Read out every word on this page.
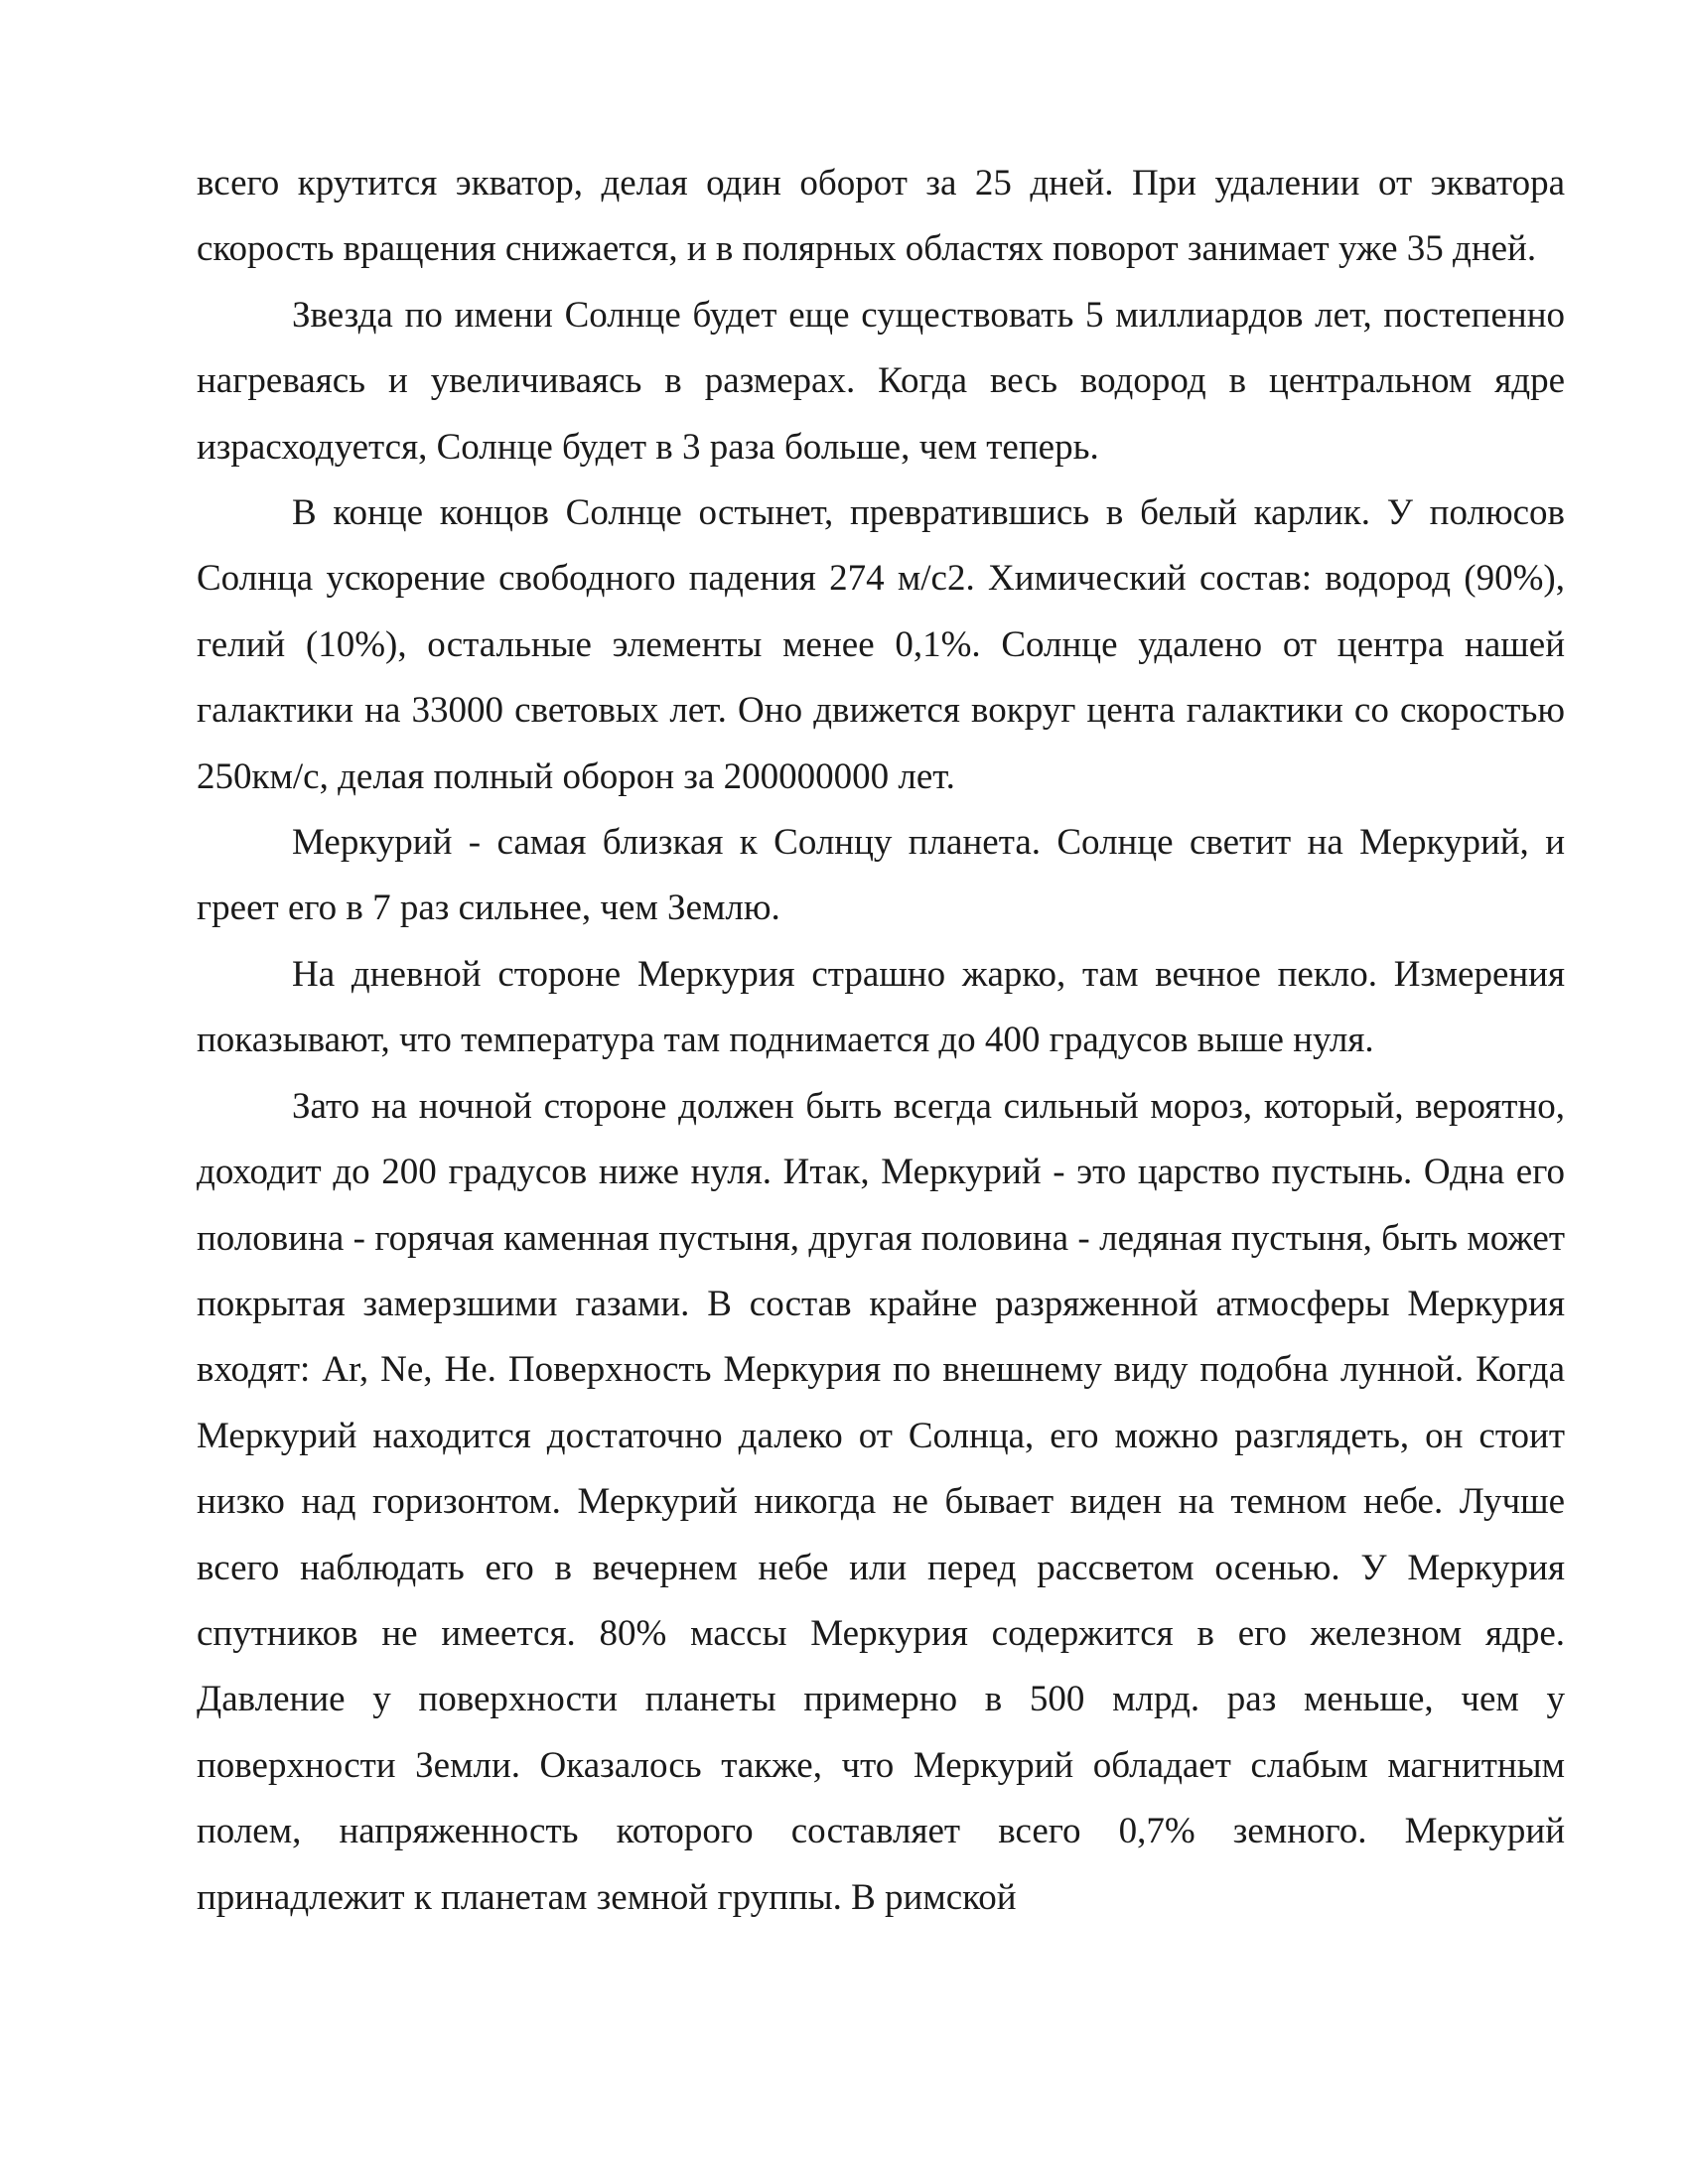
всего крутится экватор, делая один оборот за 25 дней. При удалении от экватора скорость вращения снижается, и в полярных областях поворот занимает уже 35 дней.

Звезда по имени Солнце будет еще существовать 5 миллиардов лет, постепенно нагреваясь и увеличиваясь в размерах. Когда весь водород в центральном ядре израсходуется, Солнце будет в 3 раза больше, чем теперь.

В конце концов Солнце остынет, превратившись в белый карлик. У полюсов Солнца ускорение свободного падения 274 м/с2. Химический состав: водород (90%), гелий (10%), остальные элементы менее 0,1%. Солнце удалено от центра нашей галактики на 33000 световых лет. Оно движется вокруг цента галактики со скоростью 250км/с, делая полный оборон за 200000000 лет.

Меркурий - самая близкая к Солнцу планета. Солнце светит на Меркурий, и греет его в 7 раз сильнее, чем Землю.

На дневной стороне Меркурия страшно жарко, там вечное пекло. Измерения показывают, что температура там поднимается до 400 градусов выше нуля.

Зато на ночной стороне должен быть всегда сильный мороз, который, вероятно, доходит до 200 градусов ниже нуля. Итак, Меркурий - это царство пустынь. Одна его половина - горячая каменная пустыня, другая половина - ледяная пустыня, быть может покрытая замерзшими газами. В состав крайне разряженной атмосферы Меркурия входят: Ar, Ne, He. Поверхность Меркурия по внешнему виду подобна лунной. Когда Меркурий находится достаточно далеко от Солнца, его можно разглядеть, он стоит низко над горизонтом. Меркурий никогда не бывает виден на темном небе. Лучше всего наблюдать его в вечернем небе или перед рассветом осенью. У Меркурия спутников не имеется. 80% массы Меркурия содержится в его железном ядре. Давление у поверхности планеты примерно в 500 млрд. раз меньше, чем у поверхности Земли. Оказалось также, что Меркурий обладает слабым магнитным полем, напряженность которого составляет всего 0,7% земного. Меркурий принадлежит к планетам земной группы. В римской
